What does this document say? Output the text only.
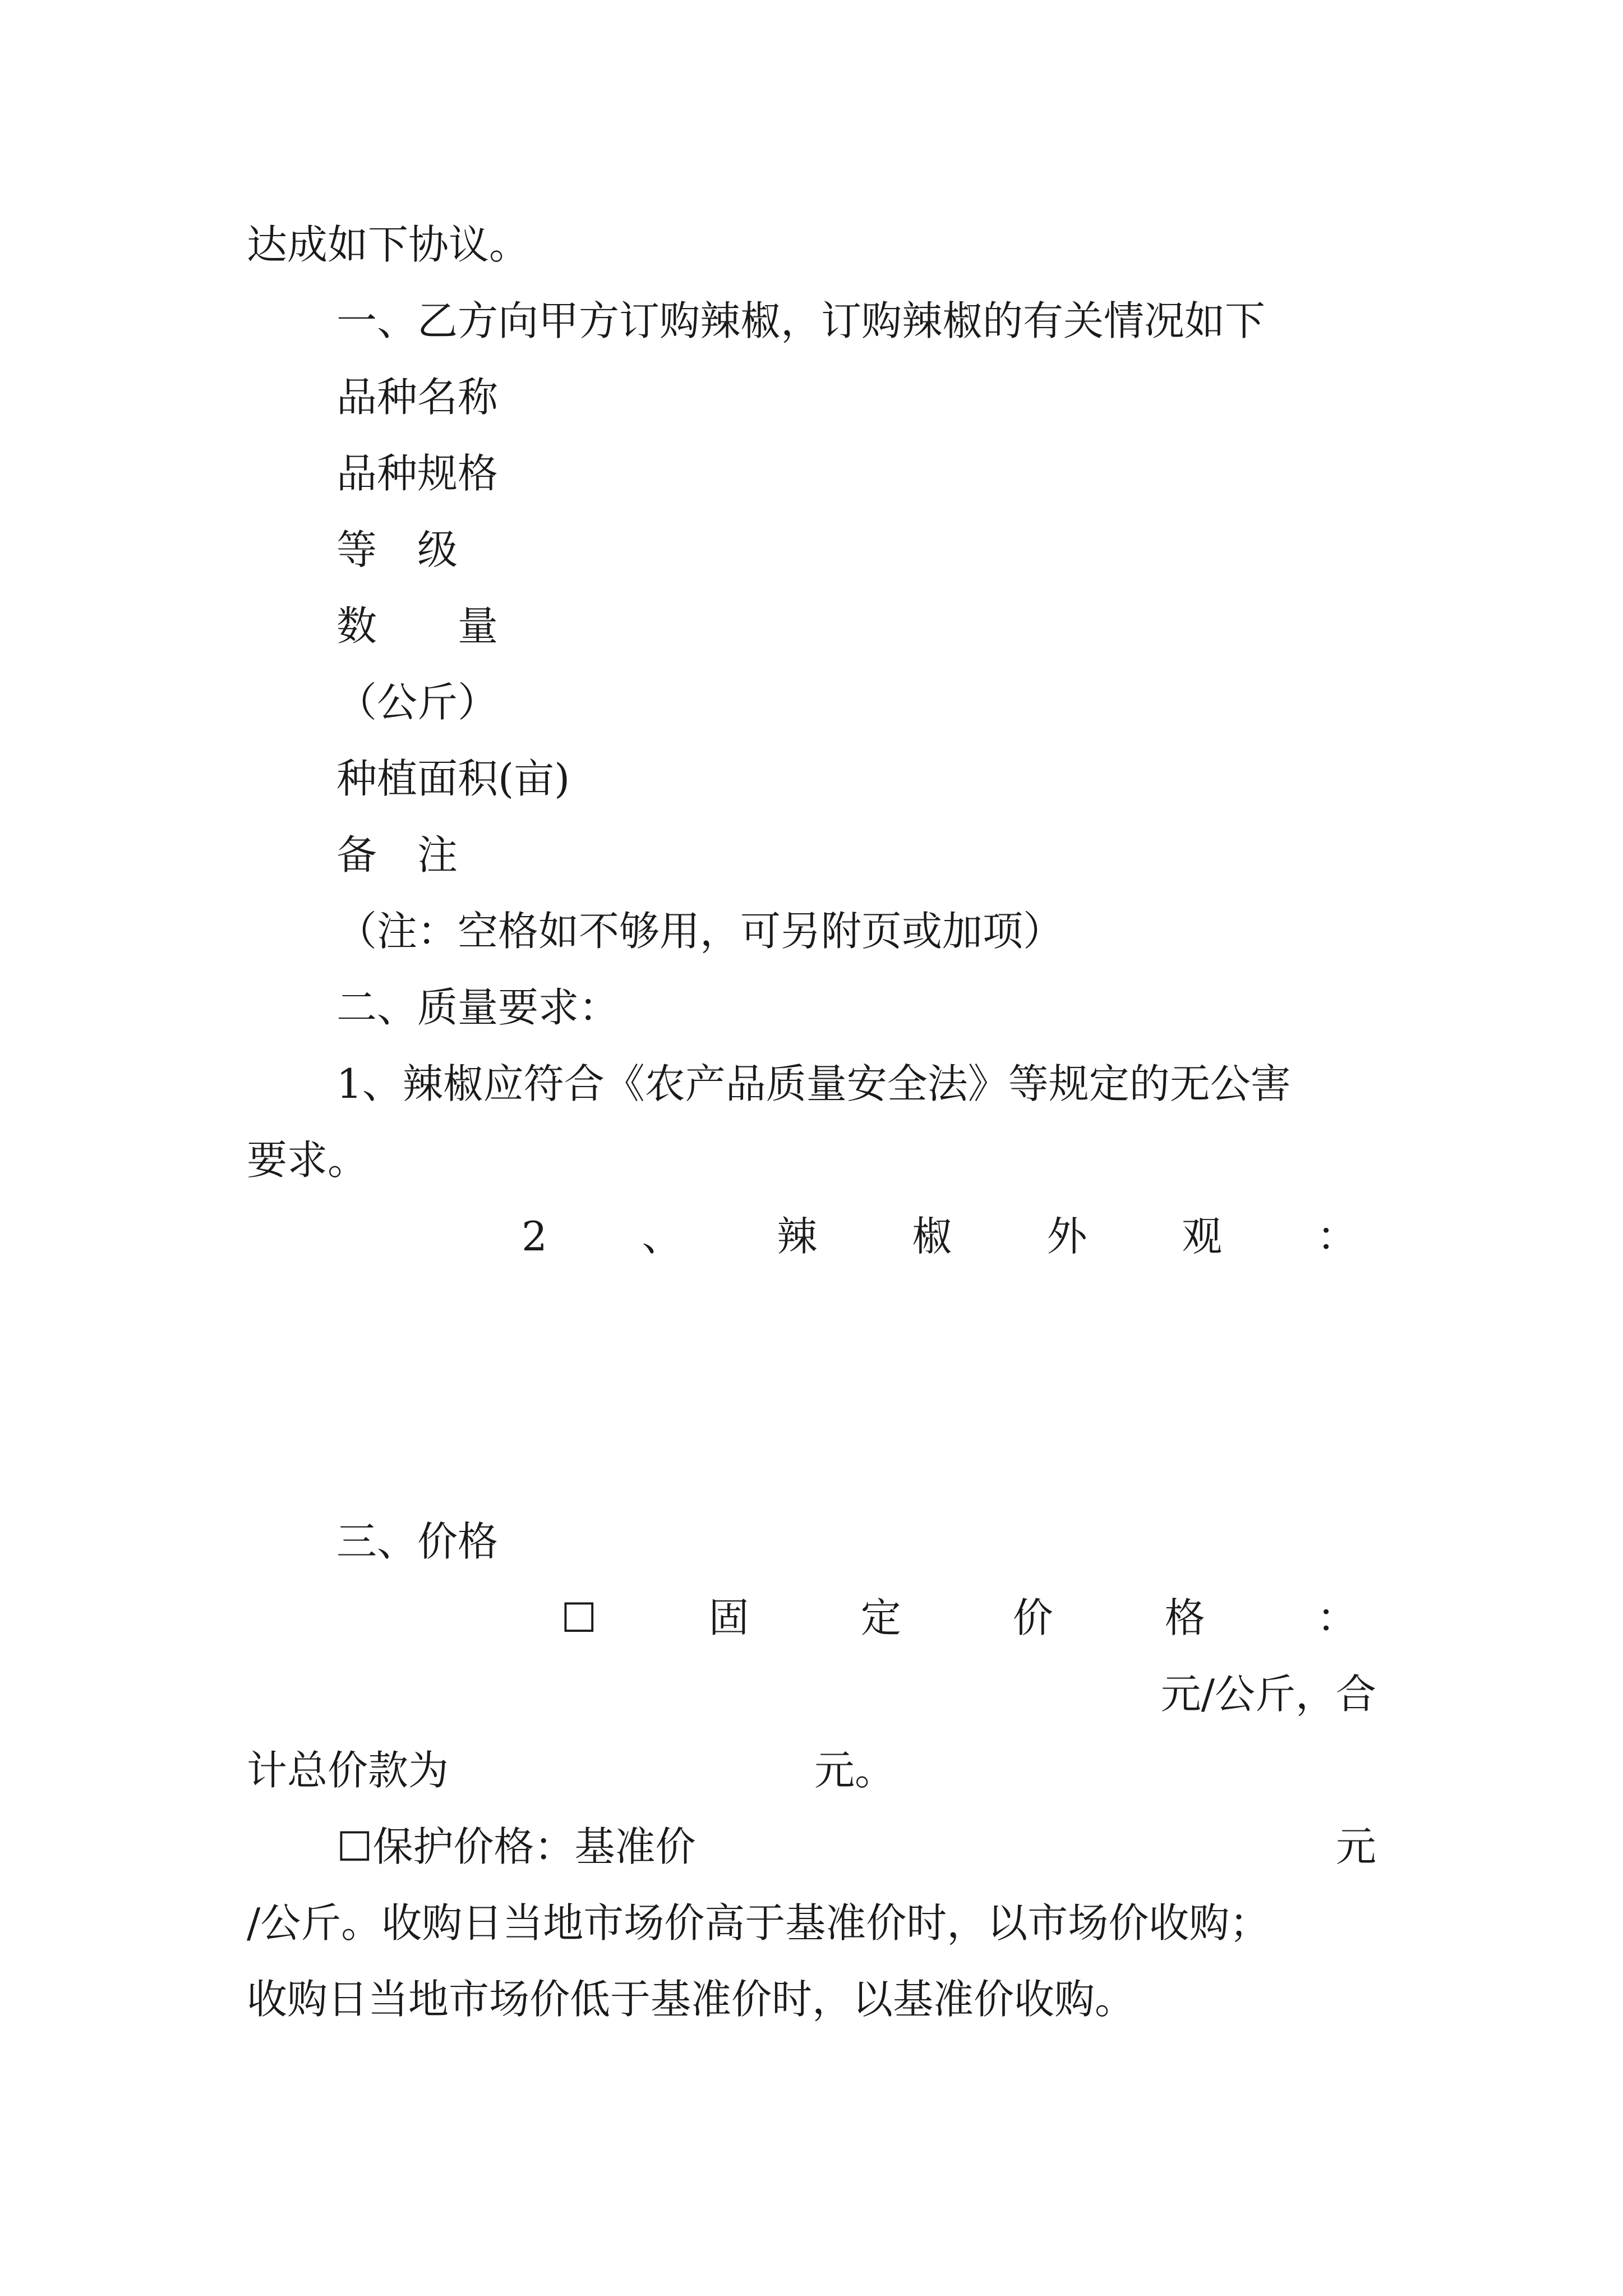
达成如下协议。
一、乙方向甲方订购辣椒，订购辣椒的有关情况如下
品种名称
品种规格
等　级
数　　量
（公斤）
种植面积(亩)
备　注
（注：空格如不够用，可另附页或加项）
二、质量要求：
1、辣椒应符合《农产品质量安全法》等规定的无公害
要求。
2 、 辣 椒 外 观 ：
三、价格
☐	固	定	价	格	：
元/公斤，合
计总价款为	元。
☐保护价格：基准价	元
/公斤。收购日当地市场价高于基准价时，以市场价收购；
收购日当地市场价低于基准价时，以基准价收购。
